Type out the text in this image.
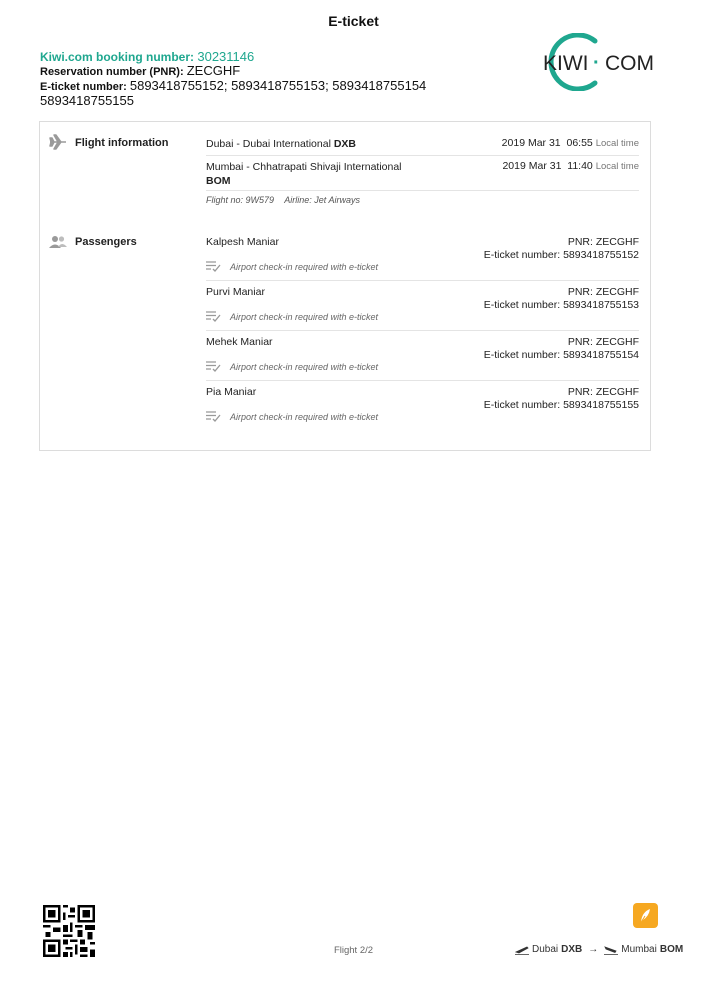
E-ticket
Kiwi.com booking number: 30231146
Reservation number (PNR): ZECGHF
E-ticket number: 5893418755152; 5893418755153; 5893418755154
5893418755155
KIWI · COM
Flight information	Dubai - Dubai International DXB	2019 Mar 31 06:55 Local time
Mumbai - Chhatrapati Shivaji International
BOM
2019 Mar 31 11:40 Local time
Flight no: 9W579 Airline: Jet Airways
Passengers	Kalpesh Maniar	PNR: ZECGHF
E-ticket number: 5893418755152
Airport check-in required with e-ticket
Purvi Maniar	PNR: ZECGHF
E-ticket number: 5893418755153
Airport check-in required with e-ticket
Mehek Maniar	PNR: ZECGHF
E-ticket number: 5893418755154
Airport check-in required with e-ticket
Pia Maniar	PNR: ZECGHF
E-ticket number: 5893418755155
Airport check-in required with e-ticket
Flight 2/2	Dubai DXB → Mumbai BOM
